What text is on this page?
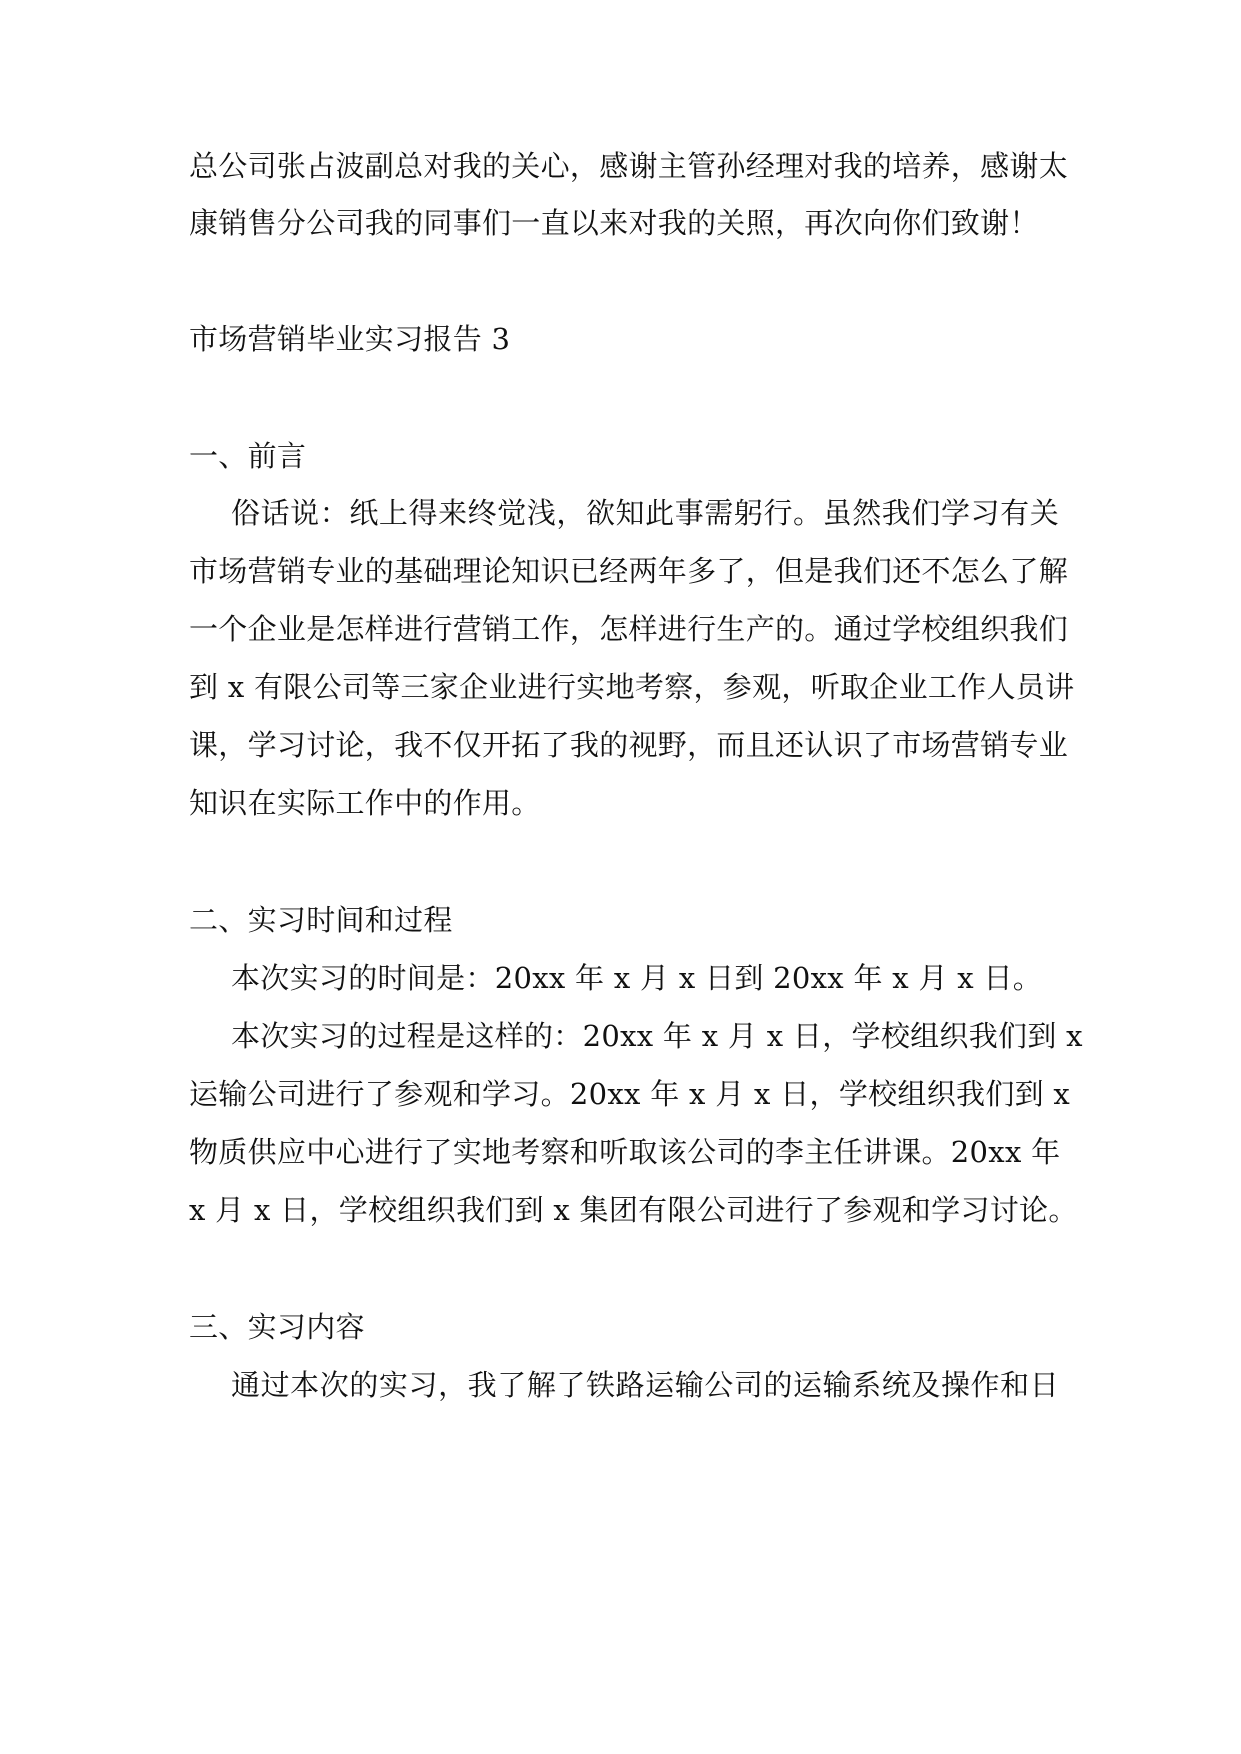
总公司张占波副总对我的关心，感谢主管孙经理对我的培养，感谢太
康销售分公司我的同事们一直以来对我的关照，再次向你们致谢！
市场营销毕业实习报告 3
一、前言
俗话说：纸上得来终觉浅，欲知此事需躬行。虽然我们学习有关
市场营销专业的基础理论知识已经两年多了，但是我们还不怎么了解
一个企业是怎样进行营销工作，怎样进行生产的。通过学校组织我们
到 x 有限公司等三家企业进行实地考察，参观，听取企业工作人员讲
课，学习讨论，我不仅开拓了我的视野，而且还认识了市场营销专业
知识在实际工作中的作用。
二、实习时间和过程
本次实习的时间是：20xx 年 x 月 x 日到 20xx 年 x 月 x 日。
本次实习的过程是这样的：20xx 年 x 月 x 日，学校组织我们到 x
运输公司进行了参观和学习。20xx 年 x 月 x 日，学校组织我们到 x
物质供应中心进行了实地考察和听取该公司的李主任讲课。20xx 年
x 月 x 日，学校组织我们到 x 集团有限公司进行了参观和学习讨论。
三、实习内容
通过本次的实习，我了解了铁路运输公司的运输系统及操作和日
